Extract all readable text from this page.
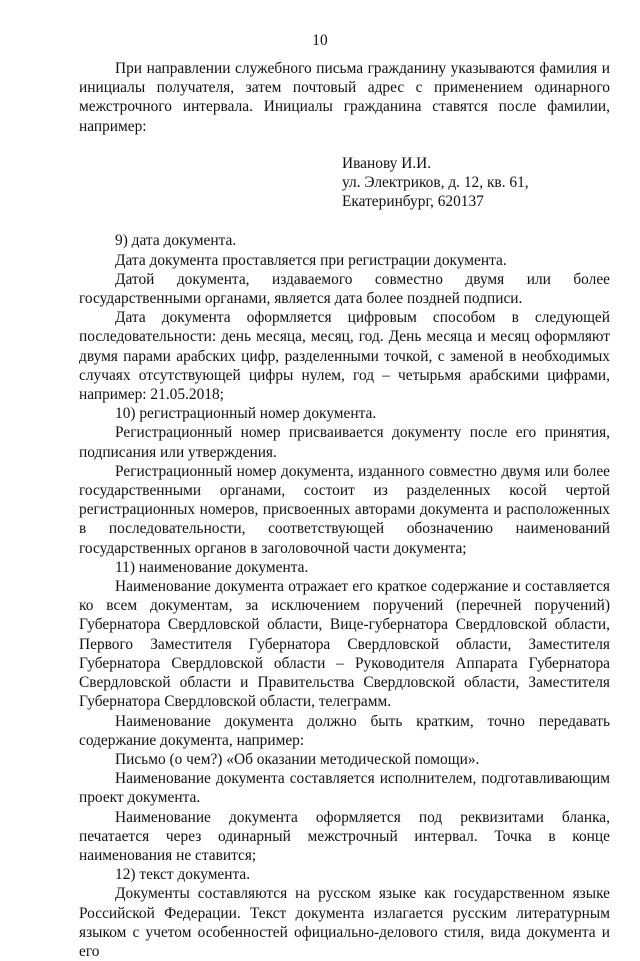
10

При направлении служебного письма гражданину указываются фамилия и инициалы получателя, затем почтовый адрес с применением одинарного межстрочного интервала. Инициалы гражданина ставятся после фамилии, например:

Иванову И.И.
ул. Электриков, д. 12, кв. 61,
Екатеринбург, 620137

9) дата документа.

Дата документа проставляется при регистрации документа.

Датой документа, издаваемого совместно двумя или более государственными органами, является дата более поздней подписи.

Дата документа оформляется цифровым способом в следующей последовательности: день месяца, месяц, год. День месяца и месяц оформляют двумя парами арабских цифр, разделенными точкой, с заменой в необходимых случаях отсутствующей цифры нулем, год – четырьмя арабскими цифрами, например: 21.05.2018;

10) регистрационный номер документа.

Регистрационный номер присваивается документу после его принятия, подписания или утверждения.

Регистрационный номер документа, изданного совместно двумя или более государственными органами, состоит из разделенных косой чертой регистрационных номеров, присвоенных авторами документа и расположенных в последовательности, соответствующей обозначению наименований государственных органов в заголовочной части документа;

11) наименование документа.

Наименование документа отражает его краткое содержание и составляется ко всем документам, за исключением поручений (перечней поручений) Губернатора Свердловской области, Вице-губернатора Свердловской области, Первого Заместителя Губернатора Свердловской области, Заместителя Губернатора Свердловской области – Руководителя Аппарата Губернатора Свердловской области и Правительства Свердловской области, Заместителя Губернатора Свердловской области, телеграмм.

Наименование документа должно быть кратким, точно передавать содержание документа, например:

Письмо (о чем?) «Об оказании методической помощи».

Наименование документа составляется исполнителем, подготавливающим проект документа.

Наименование документа оформляется под реквизитами бланка, печатается через одинарный межстрочный интервал. Точка в конце наименования не ставится;

12) текст документа.

Документы составляются на русском языке как государственном языке Российской Федерации. Текст документа излагается русским литературным языком с учетом особенностей официально-делового стиля, вида документа и его
